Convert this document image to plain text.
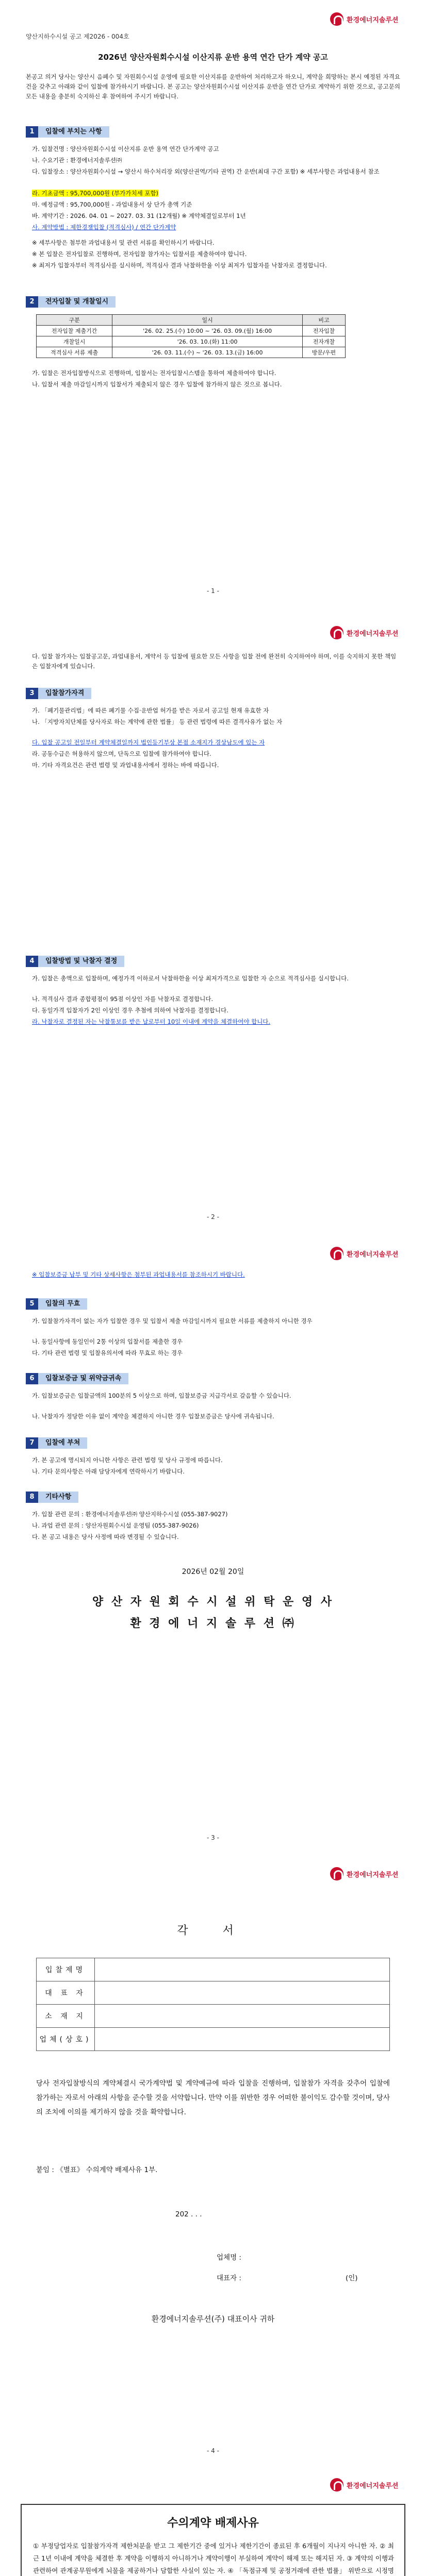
환경에너지솔루션
양산지하수시설 공고 제2026 - 004호
2026년 양산자원회수시설 이산지류 운반 용역 연간 단가 계약 공고
본공고 의거 당사는 양산시 음폐수 및 자원회수시설 운영에 필요한 이산지류를 운반하여 처리하고자 하오니, 계약을 희망하는 본시 예정된 자격요건을 갖추고 아래와 같이 입찰에 참가하시기 바랍니다. 본 공고는 양산자원회수시설 이산지류 운반을 연간 단가로 계약하기 위한 것으로, 공고문의 모든 내용을 충분히 숙지하신 후 참여하여 주시기 바랍니다.
1	입찰에 부치는 사항
가. 입찰건명 : 양산자원회수시설 이산지류 운반 용역 연간 단가계약 공고
나. 수요기관 : 환경에너지솔루션㈜
다. 입찰장소 : 양산자원회수시설 → 양산시 하수처리장 외(양산권역/기타 권역) 간 운반(최대 구간 포함) ※ 세부사항은 과업내용서 참조
라. 기초금액 : 95,700,000원 (부가가치세 포함)
마. 예정금액 : 95,700,000원 - 과업내용서 상 단가 총액 기준
바. 계약기간 : 2026. 04. 01 ~ 2027. 03. 31 (12개월) ※ 계약체결일로부터 1년
사. 계약방법 : 제한경쟁입찰 (적격심사) / 연간 단가계약
※ 세부사항은 첨부한 과업내용서 및 관련 서류를 확인하시기 바랍니다.
※ 본 입찰은 전자입찰로 진행하며, 전자입찰 참가자는 입찰서를 제출하여야 합니다.
※ 최저가 입찰자부터 적격심사를 실시하며, 적격심사 결과 낙찰하한율 이상 최저가 입찰자를 낙찰자로 결정합니다.
2	전자입찰 및 개찰일시
구분	일시	비고
전자입찰 제출기간	'26. 02. 25.(수) 10:00 ~ '26. 03. 09.(월) 16:00	전자입찰
개찰일시	'26. 03. 10.(화) 11:00	전자개찰
적격심사 서류 제출	'26. 03. 11.(수) ~ '26. 03. 13.(금) 16:00	방문/우편
가. 입찰은 전자입찰방식으로 진행하며, 입찰서는 전자입찰시스템을 통하여 제출하여야 합니다.
나. 입찰서 제출 마감일시까지 입찰서가 제출되지 않은 경우 입찰에 참가하지 않은 것으로 봅니다.
- 1 -
환경에너지솔루션
다. 입찰 참가자는 입찰공고문, 과업내용서, 계약서 등 입찰에 필요한 모든 사항을 입찰 전에 완전히 숙지하여야 하며, 이를 숙지하지 못한 책임은 입찰자에게 있습니다.
3	입찰참가자격
가. 「폐기물관리법」에 따른 폐기물 수집·운반업 허가를 받은 자로서 공고일 현재 유효한 자
나. 「지방자치단체를 당사자로 하는 계약에 관한 법률」 등 관련 법령에 따른 결격사유가 없는 자
다. 입찰 공고일 전일부터 계약체결일까지 법인등기부상 본점 소재지가 경상남도에 있는 자
라. 공동수급은 허용하지 않으며, 단독으로 입찰에 참가하여야 합니다.
마. 기타 자격요건은 관련 법령 및 과업내용서에서 정하는 바에 따릅니다.
4	입찰방법 및 낙찰자 결정
가. 입찰은 총액으로 입찰하며, 예정가격 이하로서 낙찰하한율 이상 최저가격으로 입찰한 자 순으로 적격심사를 실시합니다.
나. 적격심사 결과 종합평점이 95점 이상인 자를 낙찰자로 결정합니다.
다. 동일가격 입찰자가 2인 이상인 경우 추첨에 의하여 낙찰자를 결정합니다.
라. 낙찰자로 결정된 자는 낙찰통보를 받은 날로부터 10일 이내에 계약을 체결하여야 합니다.
- 2 -
환경에너지솔루션
※ 입찰보증금 납부 및 기타 상세사항은 첨부된 과업내용서를 참조하시기 바랍니다.
5	입찰의 무효
가. 입찰참가자격이 없는 자가 입찰한 경우 및 입찰서 제출 마감일시까지 필요한 서류를 제출하지 아니한 경우
나. 동일사항에 동일인이 2통 이상의 입찰서를 제출한 경우
다. 기타 관련 법령 및 입찰유의서에 따라 무효로 하는 경우
6	입찰보증금 및 위약금귀속
가. 입찰보증금은 입찰금액의 100분의 5 이상으로 하며, 입찰보증금 지급각서로 갈음할 수 있습니다.
나. 낙찰자가 정당한 이유 없이 계약을 체결하지 아니한 경우 입찰보증금은 당사에 귀속됩니다.
7	입찰에 부쳐
가. 본 공고에 명시되지 아니한 사항은 관련 법령 및 당사 규정에 따릅니다.
나. 기타 문의사항은 아래 담당자에게 연락하시기 바랍니다.
8	기타사항
가. 입찰 관련 문의 : 환경에너지솔루션㈜ 양산지하수시설 (055-387-9027)
나. 과업 관련 문의 : 양산자원회수시설 운영팀 (055-387-9026)
다. 본 공고 내용은 당사 사정에 따라 변경될 수 있습니다.
2026년 02월 20일
양 산 자 원 회 수 시 설 위 탁 운 영 사
환 경 에 너 지 솔 루 션 ㈜
- 3 -
환경에너지솔루션
각 서
입찰제명	
대 표 자	
소 재 지	
업체(상호)	
당사 전자입찰방식의 계약체결시 국가계약법 및 계약예규에 따라 입찰을 진행하며, 입찰참가 자격을 갖추어 입찰에 참가하는 자로서 아래의 사항을 준수할 것을 서약합니다. 만약 이를 위반한 경우 어떠한 불이익도 감수할 것이며, 당사의 조치에 이의를 제기하지 않을 것을 확약합니다.
붙임 : 《별표》 수의계약 배제사유 1부.
202 . . .
업체명 :
대표자 :	(인)
환경에너지솔루션(주) 대표이사 귀하
- 4 -
환경에너지솔루션
수의계약 배제사유
① 부정당업자로 입찰참가자격 제한처분을 받고 그 제한기간 중에 있거나 제한기간이 종료된 후 6개월이 지나지 아니한 자. ② 최근 1년 이내에 계약을 체결한 후 계약을 이행하지 아니하거나 계약이행이 부실하여 계약이 해제 또는 해지된 자. ③ 계약의 이행과 관련하여 관계공무원에게 뇌물을 제공하거나 담합한 사실이 있는 자. ④ 「독점규제 및 공정거래에 관한 법률」 위반으로 시정명
